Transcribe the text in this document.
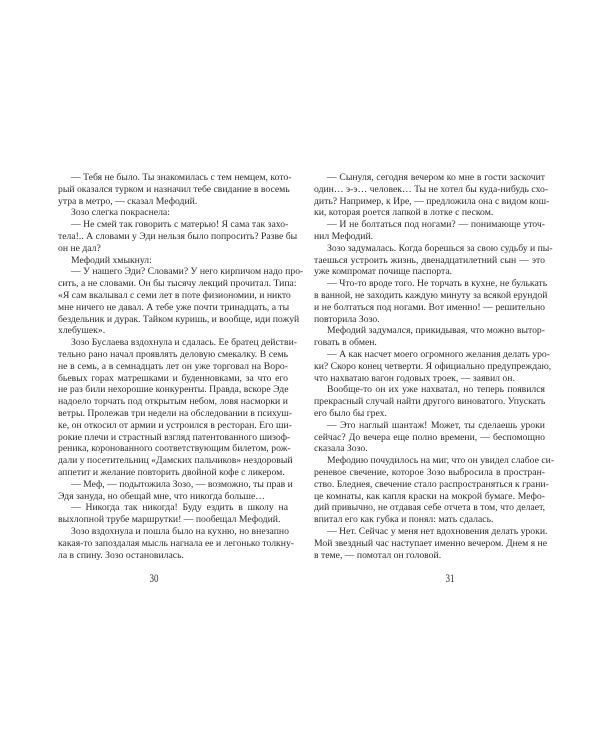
— Тебя не было. Ты знакомилась с тем немцем, кото-
рый оказался турком и назначил тебе свидание в восемь
утра в метро, — сказал Мефодий.
Зозо слегка покраснела:
— Не смей так говорить с матерью! Я сама так захо-
тела!.. А словами у Эди нельзя было попросить? Разве бы
он не дал?
Мефодий хмыкнул:
— У нашего Эди? Словами? У него кирпичом надо про-
сить, а не словами. Он бы тысячу лекций прочитал. Типа:
«Я сам вкалывал с семи лет в поте физиономии, и никто
мне ничего не давал. А тебе уже почти тринадцать, а ты
бездельник и дурак. Тайком куришь, и вообще, иди пожуй
хлебушек».
Зозо Буслаева вздохнула и сдалась. Ее братец действи-
тельно рано начал проявлять деловую смекалку. В семь
не в семь, а в семнадцать лет он уже торговал на Воро-
бьевых горах матрешками и буденновками, за что его
не раз били нехорошие конкуренты. Правда, вскоре Эде
надоело торчать под открытым небом, ловя насморки и
ветры. Пролежав три недели на обследовании в психуш-
ке, он откосил от армии и устроился в ресторан. Его ши-
рокие плечи и страстный взгляд патентованного шизоф-
реника, коронованного соответствующим билетом, рож-
дали у посетительниц «Дамских пальчиков» нездоровый
аппетит и желание повторить двойной кофе с ликером.
— Меф, — подытожила Зозо, — возможно, ты прав и
Эдя зануда, но обещай мне, что никогда больше…
— Никогда так никогда! Буду ездить в школу на
выхлопной трубе маршрутки! — пообещал Мефодий.
Зозо вздохнула и пошла было на кухню, но внезапно
какая-то запоздалая мысль нагнала ее и легонько толкну-
ла в спину. Зозо остановилась.
— Сынуля, сегодня вечером ко мне в гости заскочит
один… э-э… человек… Ты не хотел бы куда-нибудь схо-
дить? Например, к Ире, — предложила она с видом кош-
ки, которая роется лапкой в лотке с песком.
— И не болтаться под ногами? — понимающе уточ-
нил Мефодий.
Зозо задумалась. Когда борешься за свою судьбу и пы-
таешься устроить жизнь, двенадцатилетний сын — это
уже компромат почище паспорта.
— Что-то вроде того. Не торчать в кухне, не булькать
в ванной, не заходить каждую минуту за всякой ерундой
и не болтаться под ногами. Вот именно! — решительно
повторила Зозо.
Мефодий задумался, прикидывая, что можно вытор-
говать в обмен.
— А как насчет моего огромного желания делать уро-
ки? Скоро конец четверти. Я официально предупреждаю,
что нахватаю вагон годовых троек, — заявил он.
Вообще-то он их уже нахватал, но теперь появился
прекрасный случай найти другого виноватого. Упускать
его было бы грех.
— Это наглый шантаж! Может, ты сделаешь уроки
сейчас? До вечера еще полно времени, — беспомощно
сказала Зозо.
Мефодию почудилось на миг, что он увидел слабое си-
реневое свечение, которое Зозо выбросила в простран-
ство. Бледнея, свечение стало распространяться к грани-
це комнаты, как капля краски на мокрой бумаге. Мефо-
дий привычно, не отдавая себе отчета в том, что делает,
впитал его как губка и понял: мать сдалась.
— Нет. Сейчас у меня нет вдохновения делать уроки.
Мой звездный час наступает именно вечером. Днем я не
в теме, — помотал он головой.
30	31
